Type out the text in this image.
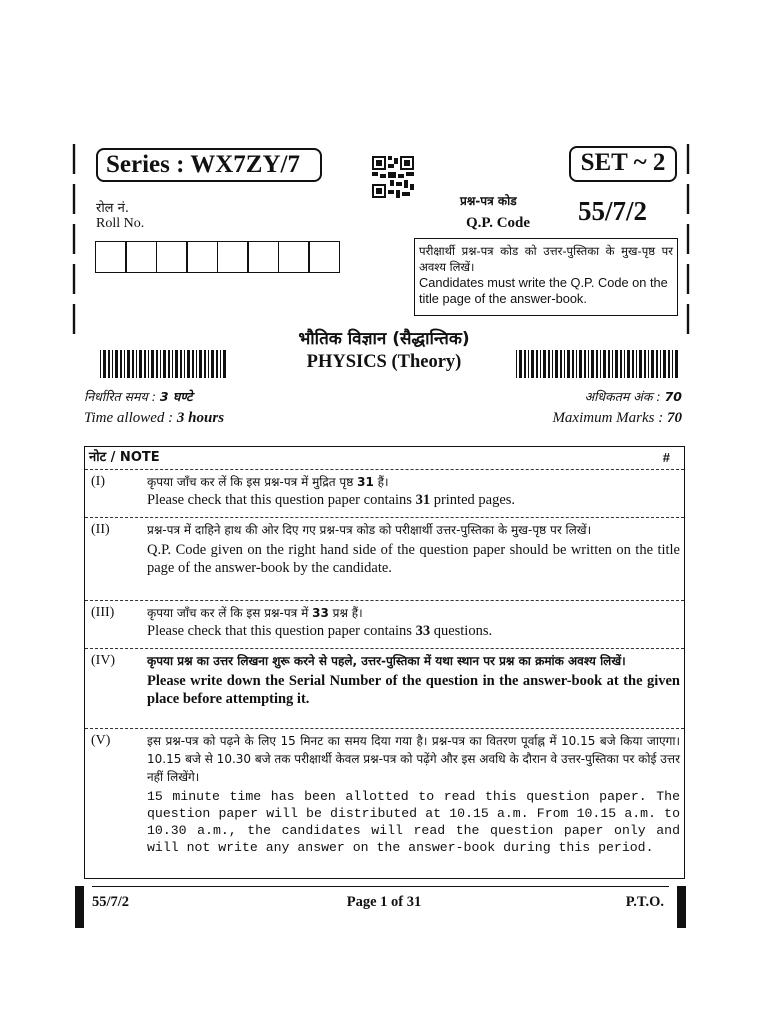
Series : WX7ZY/7	SET ~ 2
रोल नं.
Roll No.
प्रश्न-पत्र कोड
Q.P. Code 55/7/2
परीक्षार्थी प्रश्न-पत्र कोड को उत्तर-पुस्तिका के मुख-पृष्ठ पर अवश्य लिखें।
Candidates must write the Q.P. Code on the title page of the answer-book.
भौतिक विज्ञान (सैद्धान्तिक)
PHYSICS (Theory)
निर्धारित समय : 3 घण्टे
Time allowed : 3 hours
अधिकतम अंक : 70
Maximum Marks : 70
नोट / NOTE	#
(I)	कृपया जाँच कर लें कि इस प्रश्न-पत्र में मुद्रित पृष्ठ 31 हैं।
Please check that this question paper contains 31 printed pages.
(II)	प्रश्न-पत्र में दाहिने हाथ की ओर दिए गए प्रश्न-पत्र कोड को परीक्षार्थी उत्तर-पुस्तिका के मुख-पृष्ठ पर लिखें।
Q.P. Code given on the right hand side of the question paper should be written on the title page of the answer-book by the candidate.
(III)	कृपया जाँच कर लें कि इस प्रश्न-पत्र में 33 प्रश्न हैं।
Please check that this question paper contains 33 questions.
(IV)	कृपया प्रश्न का उत्तर लिखना शुरू करने से पहले, उत्तर-पुस्तिका में यथा स्थान पर प्रश्न का क्रमांक अवश्य लिखें।
Please write down the Serial Number of the question in the answer-book at the given place before attempting it.
(V)	इस प्रश्न-पत्र को पढ़ने के लिए 15 मिनट का समय दिया गया है। प्रश्न-पत्र का वितरण पूर्वाह्न में 10.15 बजे किया जाएगा। 10.15 बजे से 10.30 बजे तक परीक्षार्थी केवल प्रश्न-पत्र को पढ़ेंगे और इस अवधि के दौरान वे उत्तर-पुस्तिका पर कोई उत्तर नहीं लिखेंगे।
15 minute time has been allotted to read this question paper. The question paper will be distributed at 10.15 a.m. From 10.15 a.m. to 10.30 a.m., the candidates will read the question paper only and will not write any answer on the answer-book during this period.
55/7/2	Page 1 of 31	P.T.O.
